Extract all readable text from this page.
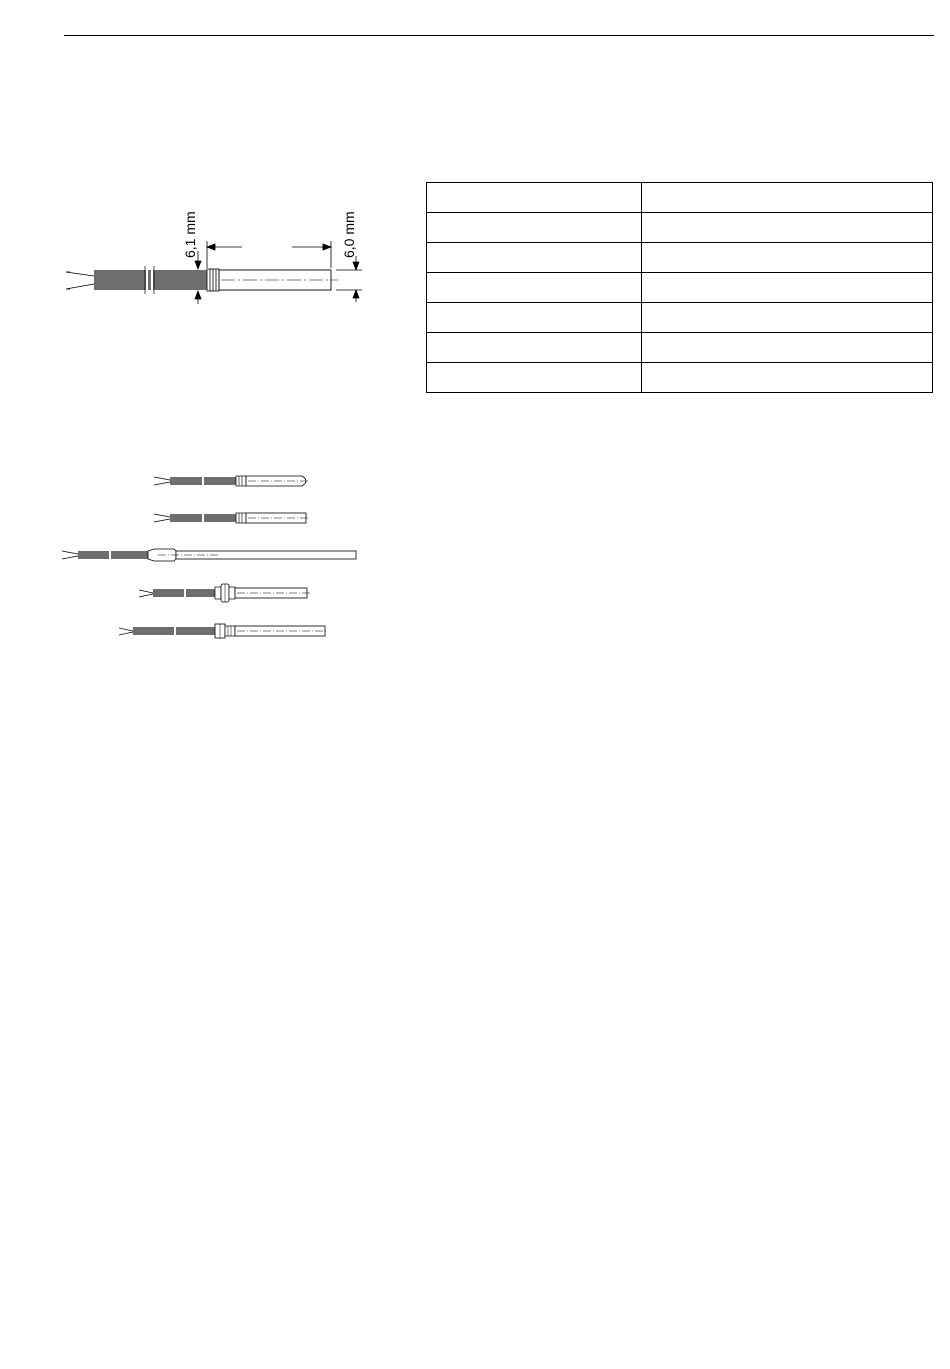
6,1 mm	6,0 mm
